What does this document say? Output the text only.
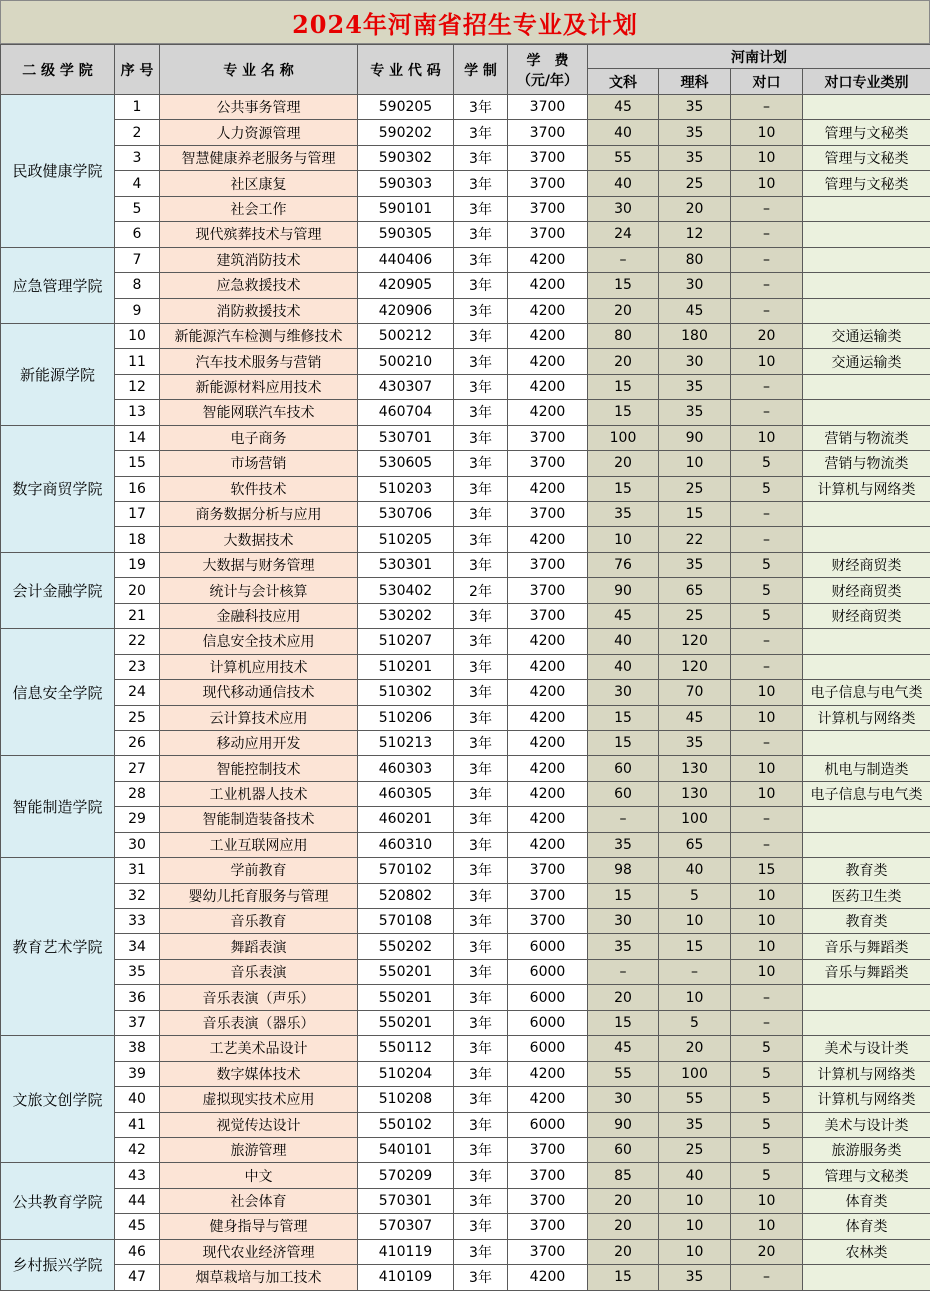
2024年河南省招生专业及计划
二 级 学 院	序 号	专 业 名 称	专 业 代 码	学 制	学　费
（元/年）	河南计划			
						文科	理科	对口	对口专业类别
民政健康学院	1	公共事务管理	590205	3年	3700	45	35	–	
	2	人力资源管理	590202	3年	3700	40	35	10	管理与文秘类
	3	智慧健康养老服务与管理	590302	3年	3700	55	35	10	管理与文秘类
	4	社区康复	590303	3年	3700	40	25	10	管理与文秘类
	5	社会工作	590101	3年	3700	30	20	–	
	6	现代殡葬技术与管理	590305	3年	3700	24	12	–	
应急管理学院	7	建筑消防技术	440406	3年	4200	–	80	–	
	8	应急救援技术	420905	3年	4200	15	30	–	
	9	消防救援技术	420906	3年	4200	20	45	–	
新能源学院	10	新能源汽车检测与维修技术	500212	3年	4200	80	180	20	交通运输类
	11	汽车技术服务与营销	500210	3年	4200	20	30	10	交通运输类
	12	新能源材料应用技术	430307	3年	4200	15	35	–	
	13	智能网联汽车技术	460704	3年	4200	15	35	–	
数字商贸学院	14	电子商务	530701	3年	3700	100	90	10	营销与物流类
	15	市场营销	530605	3年	3700	20	10	5	营销与物流类
	16	软件技术	510203	3年	4200	15	25	5	计算机与网络类
	17	商务数据分析与应用	530706	3年	3700	35	15	–	
	18	大数据技术	510205	3年	4200	10	22	–	
会计金融学院	19	大数据与财务管理	530301	3年	3700	76	35	5	财经商贸类
	20	统计与会计核算	530402	2年	3700	90	65	5	财经商贸类
	21	金融科技应用	530202	3年	3700	45	25	5	财经商贸类
信息安全学院	22	信息安全技术应用	510207	3年	4200	40	120	–	
	23	计算机应用技术	510201	3年	4200	40	120	–	
	24	现代移动通信技术	510302	3年	4200	30	70	10	电子信息与电气类
	25	云计算技术应用	510206	3年	4200	15	45	10	计算机与网络类
	26	移动应用开发	510213	3年	4200	15	35	–	
智能制造学院	27	智能控制技术	460303	3年	4200	60	130	10	机电与制造类
	28	工业机器人技术	460305	3年	4200	60	130	10	电子信息与电气类
	29	智能制造装备技术	460201	3年	4200	–	100	–	
	30	工业互联网应用	460310	3年	4200	35	65	–	
教育艺术学院	31	学前教育	570102	3年	3700	98	40	15	教育类
	32	婴幼儿托育服务与管理	520802	3年	3700	15	5	10	医药卫生类
	33	音乐教育	570108	3年	3700	30	10	10	教育类
	34	舞蹈表演	550202	3年	6000	35	15	10	音乐与舞蹈类
	35	音乐表演	550201	3年	6000	–	–	10	音乐与舞蹈类
	36	音乐表演（声乐）	550201	3年	6000	20	10	–	
	37	音乐表演（器乐）	550201	3年	6000	15	5	–	
文旅文创学院	38	工艺美术品设计	550112	3年	6000	45	20	5	美术与设计类
	39	数字媒体技术	510204	3年	4200	55	100	5	计算机与网络类
	40	虚拟现实技术应用	510208	3年	4200	30	55	5	计算机与网络类
	41	视觉传达设计	550102	3年	6000	90	35	5	美术与设计类
	42	旅游管理	540101	3年	3700	60	25	5	旅游服务类
公共教育学院	43	中文	570209	3年	3700	85	40	5	管理与文秘类
	44	社会体育	570301	3年	3700	20	10	10	体育类
	45	健身指导与管理	570307	3年	3700	20	10	10	体育类
乡村振兴学院	46	现代农业经济管理	410119	3年	3700	20	10	20	农林类
	47	烟草栽培与加工技术	410109	3年	4200	15	35	–	
